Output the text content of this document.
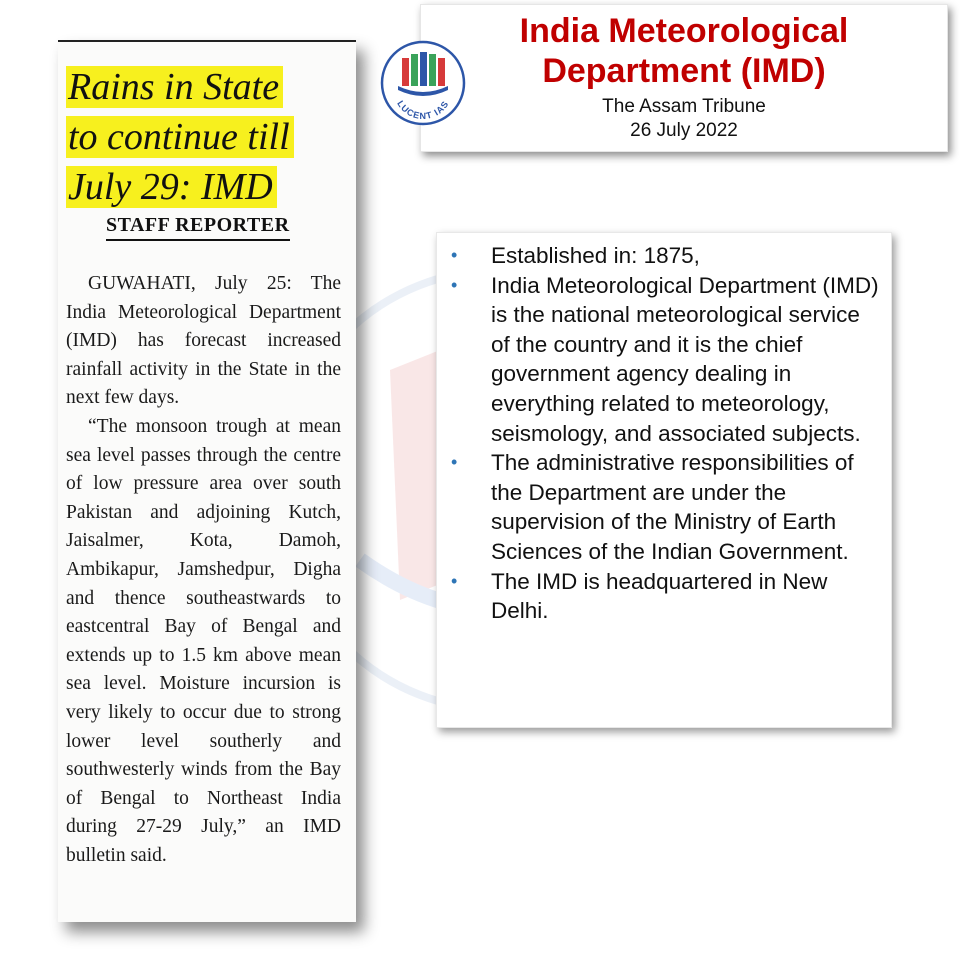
Rains in State
to continue till
July 29: IMD
STAFF REPORTER

GUWAHATI, July 25: The India Meteorological Department (IMD) has forecast increased rainfall activity in the State in the next few days.

“The monsoon trough at mean sea level passes through the centre of low pressure area over south Pakistan and adjoining Kutch, Jaisalmer, Kota, Damoh, Ambikapur, Jamshedpur, Digha and thence southeastwards to eastcentral Bay of Bengal and extends up to 1.5 km above mean sea level. Moisture incursion is very likely to occur due to strong lower level southerly and southwesterly winds from the Bay of Bengal to Northeast India during 27-29 July,” an IMD bulletin said.

India Meteorological Department (IMD)
The Assam Tribune
26 July 2022
LUCENT IAS
• Established in: 1875,
• India Meteorological Department (IMD) is the national meteorological service of the country and it is the chief government agency dealing in everything related to meteorology, seismology, and associated subjects.
• The administrative responsibilities of the Department are under the supervision of the Ministry of Earth Sciences of the Indian Government.
• The IMD is headquartered in New Delhi.
